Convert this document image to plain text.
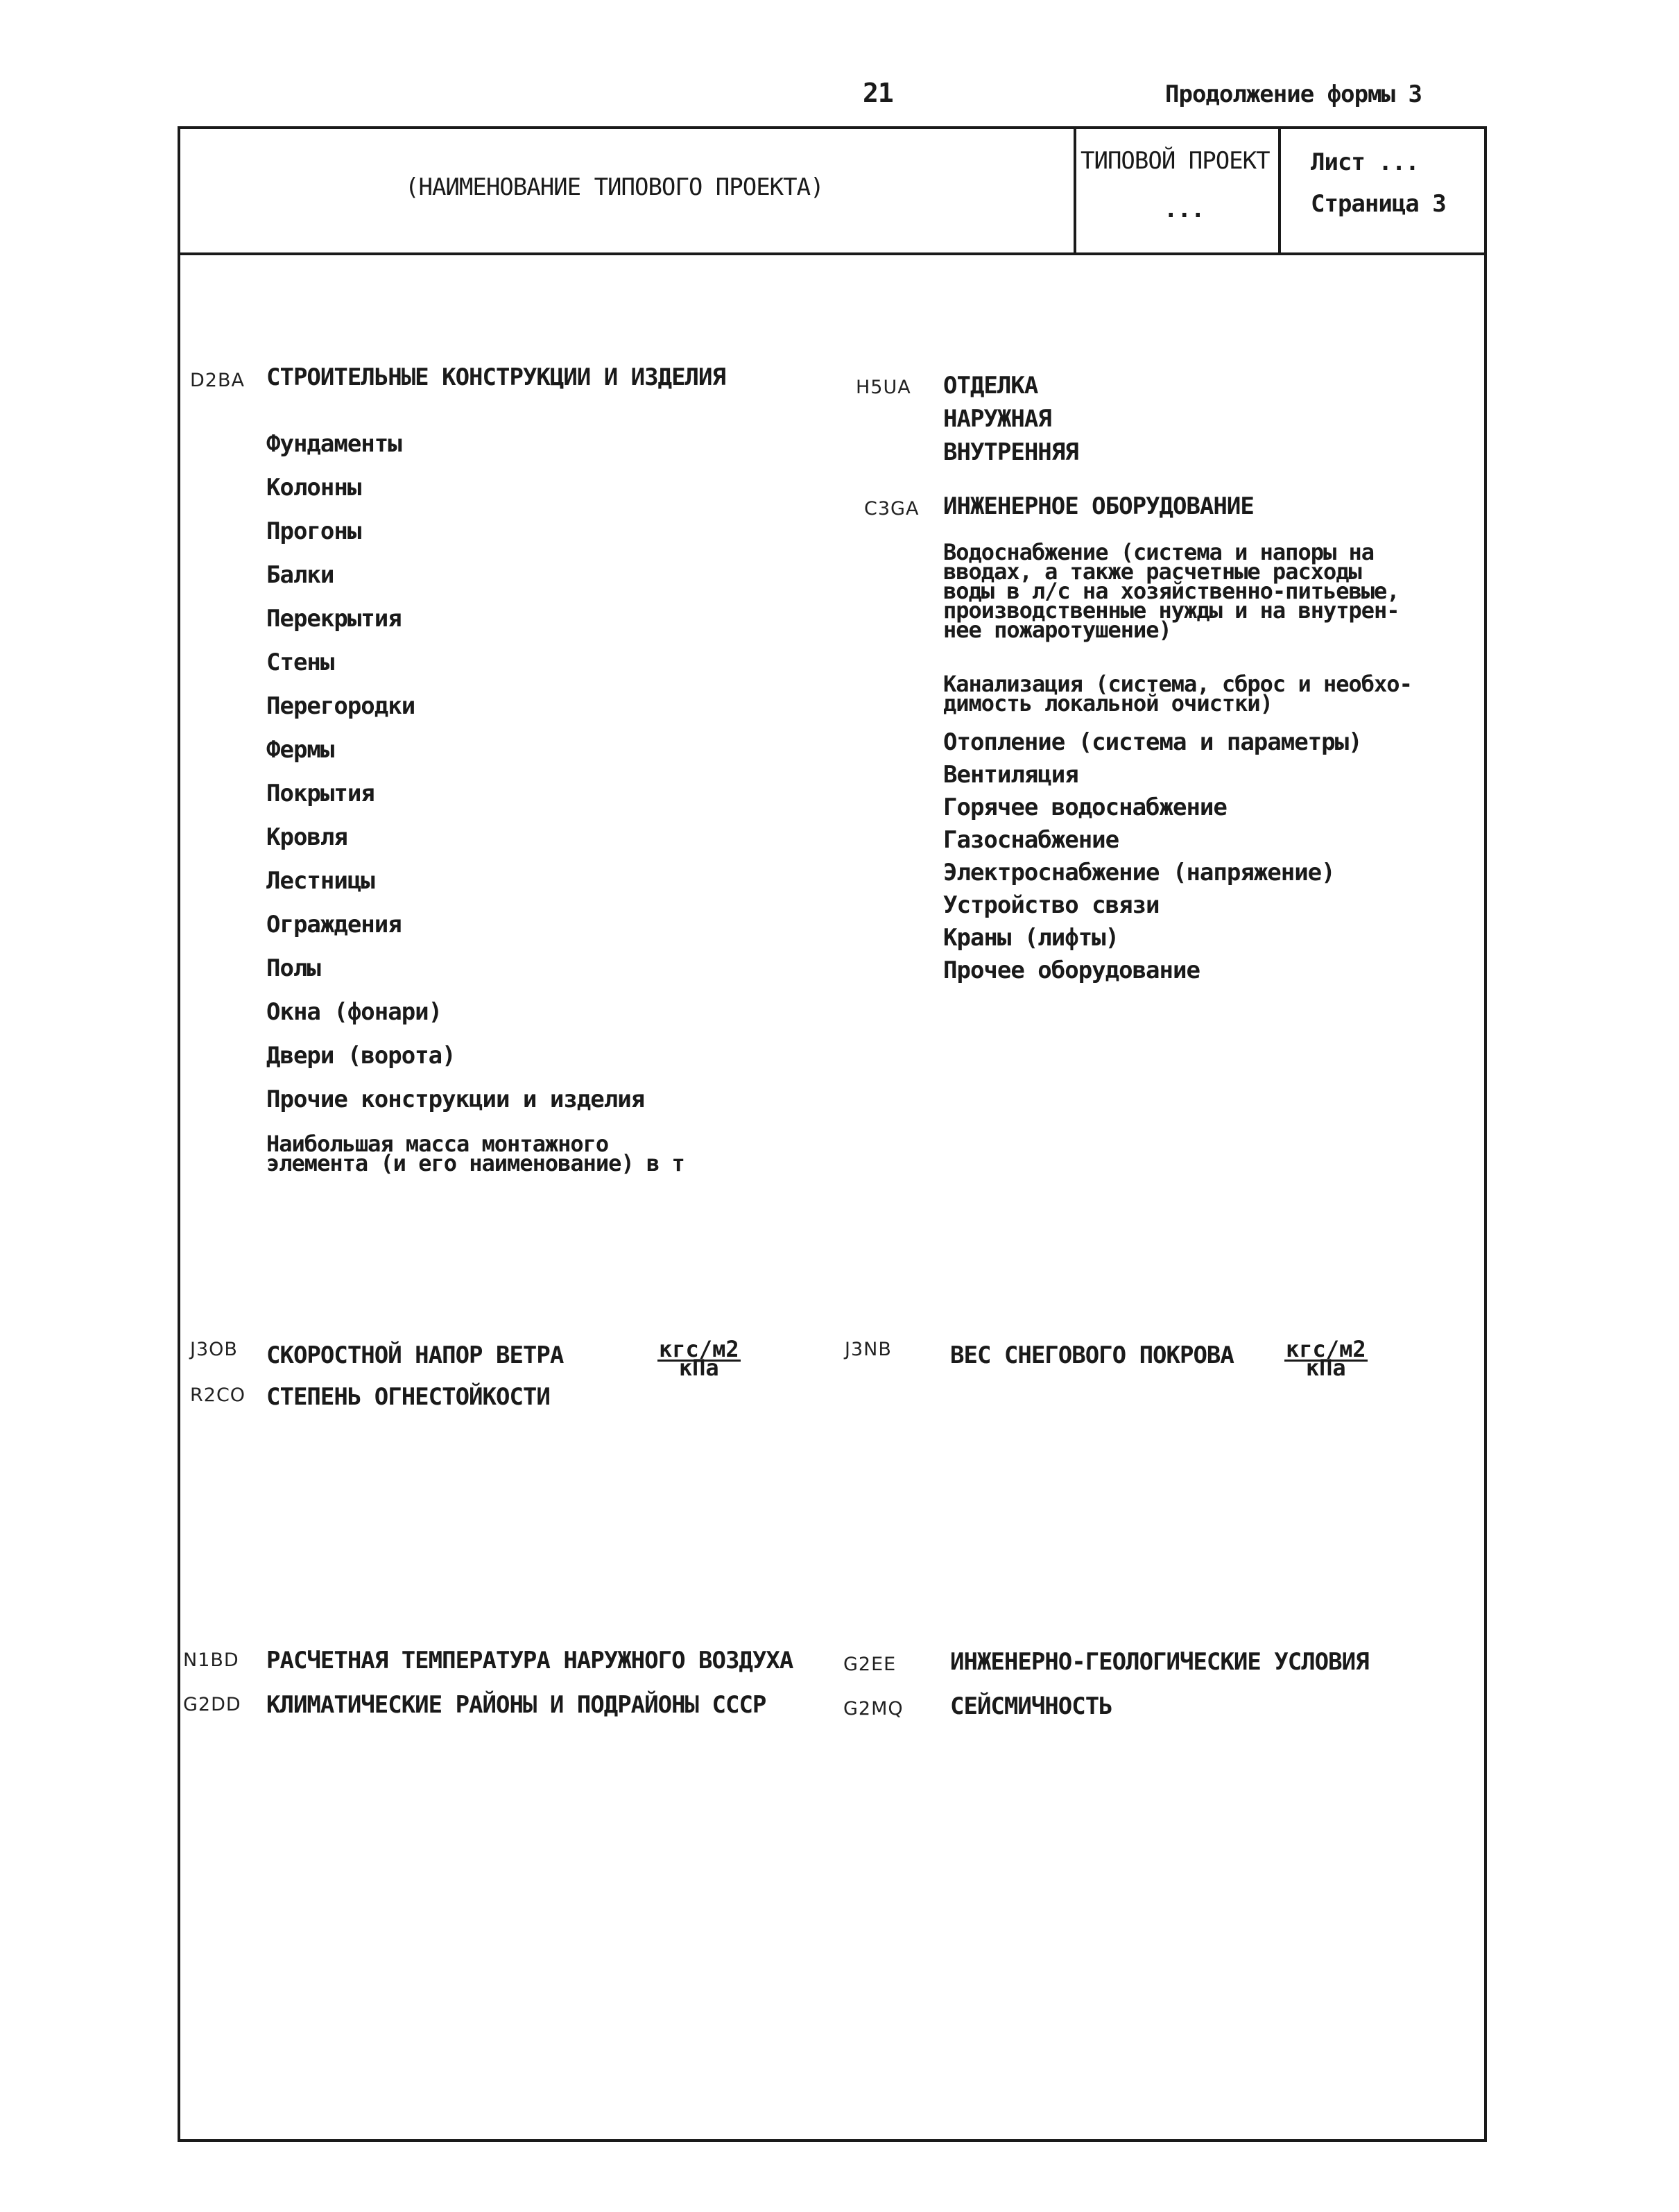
21	Продолжение формы 3
(НАИМЕНОВАНИЕ ТИПОВОГО ПРОЕКТА)
ТИПОВОЙ ПРОЕКТ
...
Лист ...
Страница 3
D2BA СТРОИТЕЛЬНЫЕ КОНСТРУКЦИИ И ИЗДЕЛИЯ
Фундаменты
Колонны
Прогоны
Балки
Перекрытия
Стены
Перегородки
Фермы
Покрытия
Кровля
Лестницы
Ограждения
Полы
Окна (фонари)
Двери (ворота)
Прочие конструкции и изделия
Наибольшая масса монтажного
элемента (и его наименование) в т
H5UA ОТДЕЛКА
НАРУЖНАЯ
ВНУТРЕННЯЯ
C3GA ИНЖЕНЕРНОЕ ОБОРУДОВАНИЕ
Водоснабжение (система и напоры на
вводах, а также расчетные расходы
воды в л/с на хозяйственно-питьевые,
производственные нужды и на внутрен-
нее пожаротушение)
Канализация (система, сброс и необхо-
димость локальной очистки)
Отопление (система и параметры)
Вентиляция
Горячее водоснабжение
Газоснабжение
Электроснабжение (напряжение)
Устройство связи
Краны (лифты)
Прочее оборудование
J3OB СКОРОСТНОЙ НАПОР ВЕТРА	кгс/м2
кПа
J3NB ВЕС СНЕГОВОГО ПОКРОВА кгс/м2
кПа
R2CO СТЕПЕНЬ ОГНЕСТОЙКОСТИ
N1BD РАСЧЕТНАЯ ТЕМПЕРАТУРА НАРУЖНОГО ВОЗДУХА
G2DD КЛИМАТИЧЕСКИЕ РАЙОНЫ И ПОДРАЙОНЫ СССР
G2EE ИНЖЕНЕРНО-ГЕОЛОГИЧЕСКИЕ УСЛОВИЯ
G2MQ СЕЙСМИЧНОСТЬ
